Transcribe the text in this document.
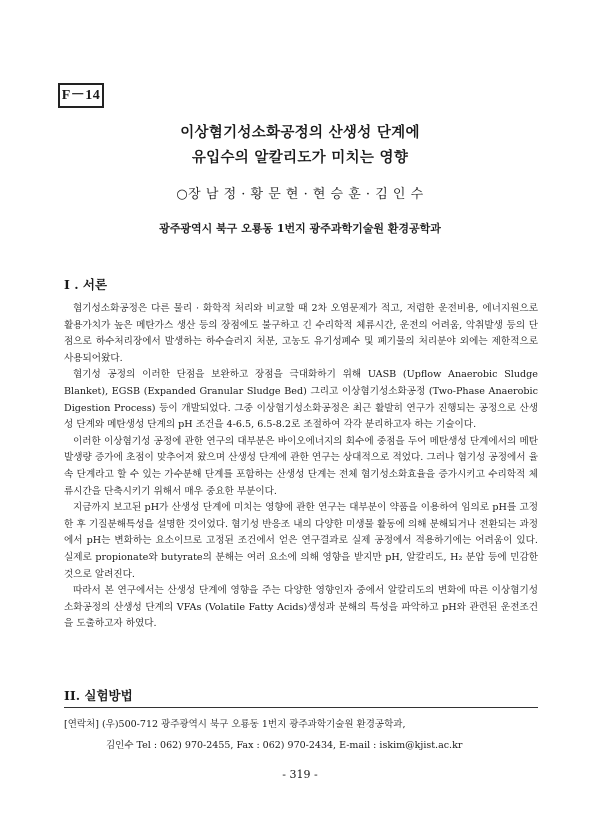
F－14
이상혐기성소화공정의 산생성 단계에
유입수의 알칼리도가 미치는 영향
○장 남 정 · 황 문 현 · 현 승 훈 · 김 인 수
광주광역시 북구 오룡동 1번지 광주과학기술원 환경공학과
I . 서론

혐기성소화공정은 다른 물리 · 화학적 처리와 비교할 때 2차 오염문제가 적고, 저렴한 운전비용, 에너지원으로 활용가치가 높은 메탄가스 생산 등의 장점에도 불구하고 긴 수리학적 체류시간, 운전의 어려움, 악취발생 등의 단점으로 하수처리장에서 발생하는 하수슬러지 처분, 고농도 유기성폐수 및 폐기물의 처리분야 외에는 제한적으로 사용되어왔다.

혐기성 공정의 이러한 단점을 보완하고 장점을 극대화하기 위해 UASB (Upflow Anaerobic Sludge Blanket), EGSB (Expanded Granular Sludge Bed) 그리고 이상혐기성소화공정 (Two-Phase Anaerobic Digestion Process) 등이 개발되었다. 그중 이상혐기성소화공정은 최근 활발히 연구가 진행되는 공정으로 산생성 단계와 메탄생성 단계의 pH 조건을 4-6.5, 6.5-8.2로 조절하여 각각 분리하고자 하는 기술이다.

이러한 이상혐기성 공정에 관한 연구의 대부분은 바이오에너지의 회수에 중점을 두어 메탄생성 단계에서의 메탄 발생량 증가에 초점이 맞추어져 왔으며 산생성 단계에 관한 연구는 상대적으로 적었다. 그러나 혐기성 공정에서 율속 단계라고 할 수 있는 가수분해 단계를 포함하는 산생성 단계는 전체 혐기성소화효율을 증가시키고 수리학적 체류시간을 단축시키기 위해서 매우 중요한 부분이다.

지금까지 보고된 pH가 산생성 단계에 미치는 영향에 관한 연구는 대부분이 약품을 이용하여 임의로 pH를 고정한 후 기질분해특성을 설명한 것이었다. 혐기성 반응조 내의 다양한 미생물 활동에 의해 분해되거나 전환되는 과정에서 pH는 변화하는 요소이므로 고정된 조건에서 얻은 연구결과로 실제 공정에서 적용하기에는 어려움이 있다. 실제로 propionate와 butyrate의 분해는 여러 요소에 의해 영향을 받지만 pH, 알칼리도, H₂ 분압 등에 민감한 것으로 알려진다.

따라서 본 연구에서는 산생성 단계에 영향을 주는 다양한 영향인자 중에서 알칼리도의 변화에 따른 이상혐기성소화공정의 산생성 단계의 VFAs (Volatile Fatty Acids)생성과 분해의 특성을 파악하고 pH와 관련된 운전조건을 도출하고자 하였다.

II. 실험방법
[연락처] (우)500-712 광주광역시 북구 오룡동 1번지 광주과학기술원 환경공학과,
김인수 Tel : 062) 970-2455, Fax : 062) 970-2434, E-mail : iskim@kjist.ac.kr
- 319 -
